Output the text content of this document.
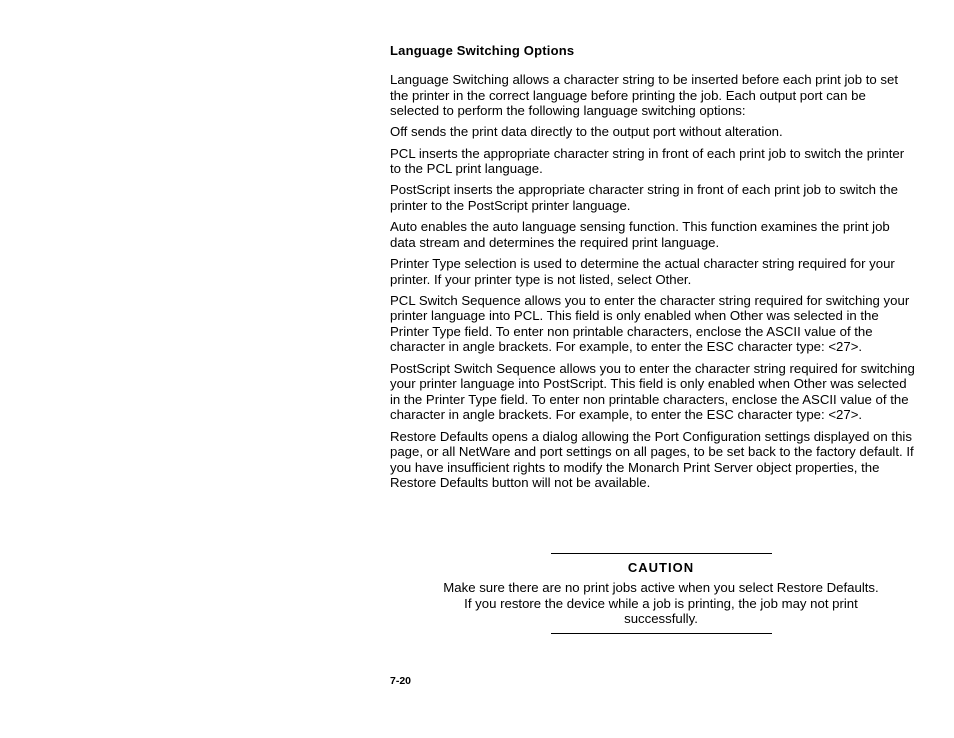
Language Switching Options

Language Switching allows a character string to be inserted before each print job to set the printer in the correct language before printing the job. Each output port can be selected to perform the following language switching options:

Off sends the print data directly to the output port without alteration.

PCL inserts the appropriate character string in front of each print job to switch the printer to the PCL print language.

PostScript inserts the appropriate character string in front of each print job to switch the printer to the PostScript printer language.

Auto enables the auto language sensing function. This function examines the print job data stream and determines the required print language.

Printer Type selection is used to determine the actual character string required for your printer. If your printer type is not listed, select Other.

PCL Switch Sequence allows you to enter the character string required for switching your printer language into PCL. This field is only enabled when Other was selected in the Printer Type field. To enter non printable characters, enclose the ASCII value of the character in angle brackets. For example, to enter the ESC character type: <27>.

PostScript Switch Sequence allows you to enter the character string required for switching your printer language into PostScript. This field is only enabled when Other was selected in the Printer Type field. To enter non printable characters, enclose the ASCII value of the character in angle brackets. For example, to enter the ESC character type: <27>.

Restore Defaults opens a dialog allowing the Port Configuration settings displayed on this page, or all NetWare and port settings on all pages, to be set back to the factory default. If you have insufficient rights to modify the Monarch Print Server object properties, the Restore Defaults button will not be available.

CAUTION
Make sure there are no print jobs active when you select Restore Defaults. If you restore the device while a job is printing, the job may not print successfully.
7-20
